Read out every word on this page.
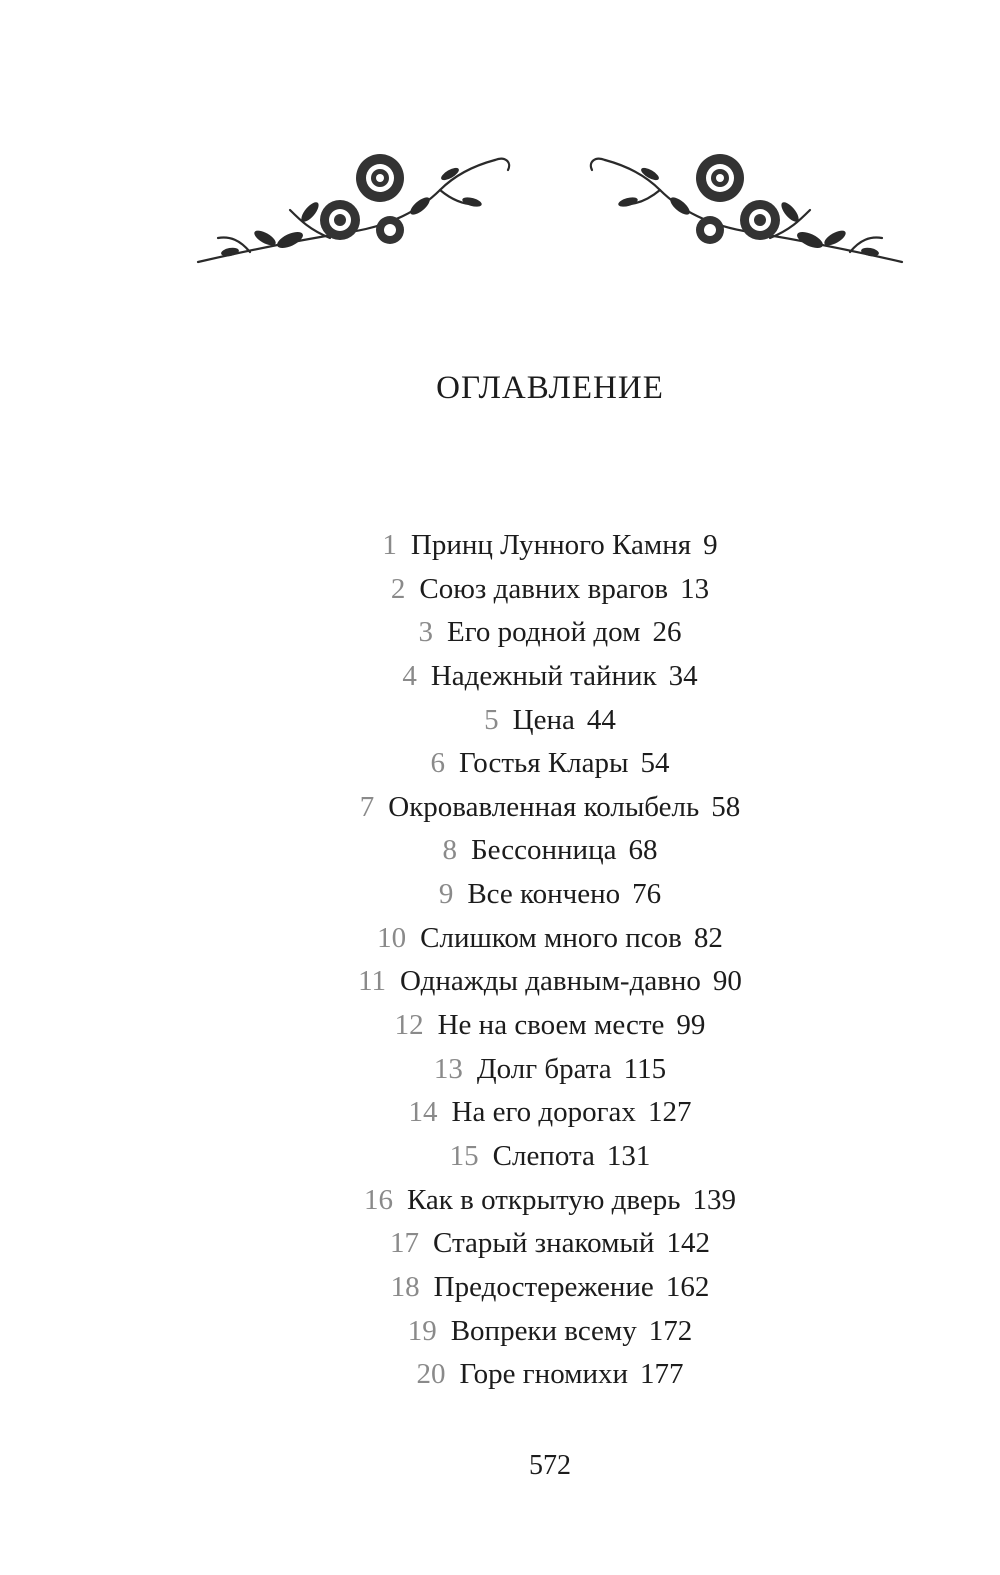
ОГЛАВЛЕНИЕ
1 Принц Лунного Камня 9
2 Союз давних врагов 13
3 Его родной дом 26
4 Надежный тайник 34
5 Цена 44
6 Гостья Клары 54
7 Окровавленная колыбель 58
8 Бессонница 68
9 Все кончено 76
10 Слишком много псов 82
11 Однажды давным-давно 90
12 Не на своем месте 99
13 Долг брата 115
14 На его дорогах 127
15 Слепота 131
16 Как в открытую дверь 139
17 Старый знакомый 142
18 Предостережение 162
19 Вопреки всему 172
20 Горе гномихи 177
572
